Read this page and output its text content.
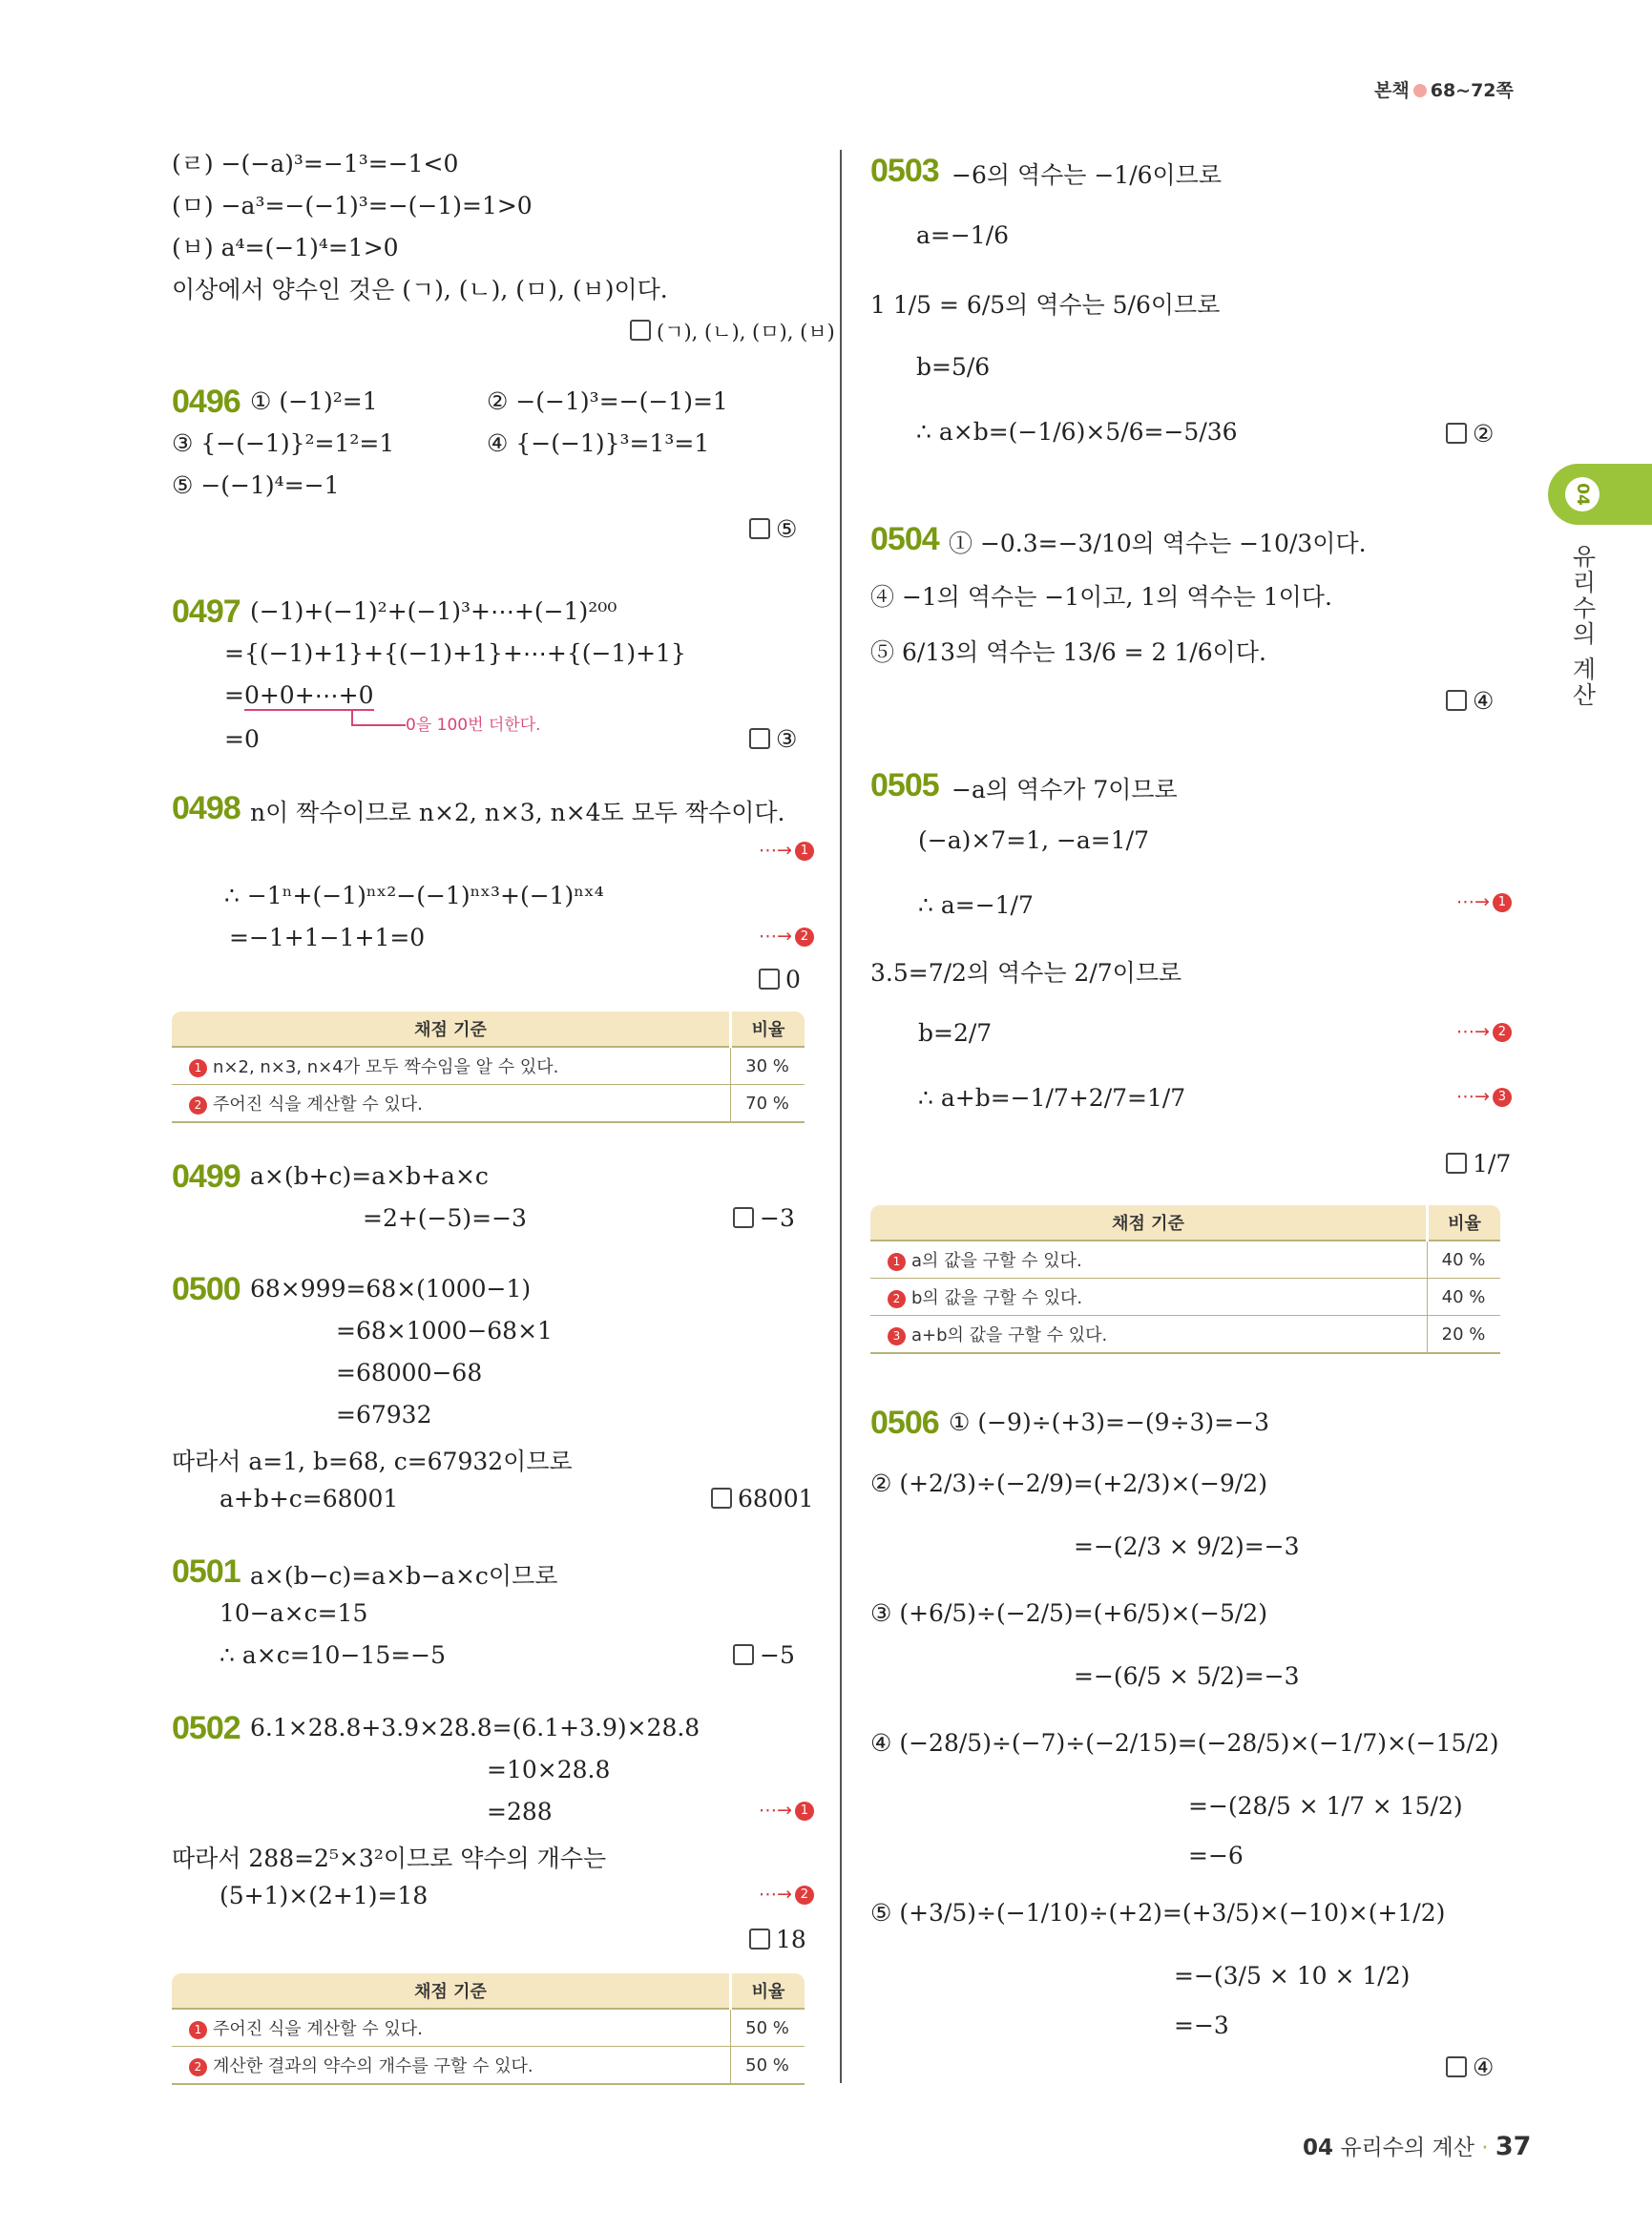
본책 68~72쪽
04
유리수의 계산
(ㄹ) −(−a)³=−1³=−1<0
(ㅁ) −a³=−(−1)³=−(−1)=1>0
(ㅂ) a⁴=(−1)⁴=1>0
이상에서 양수인 것은 (ㄱ), (ㄴ), (ㅁ), (ㅂ)이다.
(ㄱ), (ㄴ), (ㅁ), (ㅂ)
0496 ① (−1)²=1	② −(−1)³=−(−1)=1
③ {−(−1)}²=1²=1	④ {−(−1)}³=1³=1
⑤ −(−1)⁴=−1
⑤
0497 (−1)+(−1)²+(−1)³+⋯+(−1)²⁰⁰
={(−1)+1}+{(−1)+1}+⋯+{(−1)+1}
=0+0+⋯+0
0을 100번 더한다.
=0	③
0498 n이 짝수이므로 n×2, n×3, n×4도 모두 짝수이다.
⋯→ 1
∴ −1ⁿ+(−1)ⁿˣ²−(−1)ⁿˣ³+(−1)ⁿˣ⁴
=−1+1−1+1=0	⋯→ 2
0
채점 기준	비율
1 n×2, n×3, n×4가 모두 짝수임을 알 수 있다.	30 %
2 주어진 식을 계산할 수 있다.	70 %
0499 a×(b+c)=a×b+a×c
=2+(−5)=−3	−3
0500 68×999=68×(1000−1)
=68×1000−68×1
=68000−68
=67932
따라서 a=1, b=68, c=67932이므로
a+b+c=68001	68001
0501 a×(b−c)=a×b−a×c이므로
10−a×c=15
∴ a×c=10−15=−5	−5
0502 6.1×28.8+3.9×28.8=(6.1+3.9)×28.8
=10×28.8
=288	⋯→ 1
따라서 288=2⁵×3²이므로 약수의 개수는
(5+1)×(2+1)=18	⋯→ 2
18
채점 기준	비율
1 주어진 식을 계산할 수 있다.	50 %
2 계산한 결과의 약수의 개수를 구할 수 있다.	50 %
0503 −6의 역수는 −1/6이므로
a=−1/6
1 1/5 = 6/5의 역수는 5/6이므로
b=5/6
∴ a×b=(−1/6)×5/6=−5/36	②
0504 ① −0.3=−3/10의 역수는 −10/3이다.
④ −1의 역수는 −1이고, 1의 역수는 1이다.
⑤ 6/13의 역수는 13/6 = 2 1/6이다.
④
0505 −a의 역수가 7이므로
(−a)×7=1, −a=1/7
∴ a=−1/7	⋯→ 1
3.5=7/2의 역수는 2/7이므로
b=2/7	⋯→ 2
∴ a+b=−1/7+2/7=1/7	⋯→ 3
1/7
채점 기준	비율
1 a의 값을 구할 수 있다.	40 %
2 b의 값을 구할 수 있다.	40 %
3 a+b의 값을 구할 수 있다.	20 %
0506 ① (−9)÷(+3)=−(9÷3)=−3
② (+2/3)÷(−2/9)=(+2/3)×(−9/2)
=−(2/3 × 9/2)=−3
③ (+6/5)÷(−2/5)=(+6/5)×(−5/2)
=−(6/5 × 5/2)=−3
④ (−28/5)÷(−7)÷(−2/15)=(−28/5)×(−1/7)×(−15/2)
=−(28/5 × 1/7 × 15/2)
=−6
⑤ (+3/5)÷(−1/10)÷(+2)=(+3/5)×(−10)×(+1/2)
=−(3/5 × 10 × 1/2)
=−3
④
04 유리수의 계산 · 37
